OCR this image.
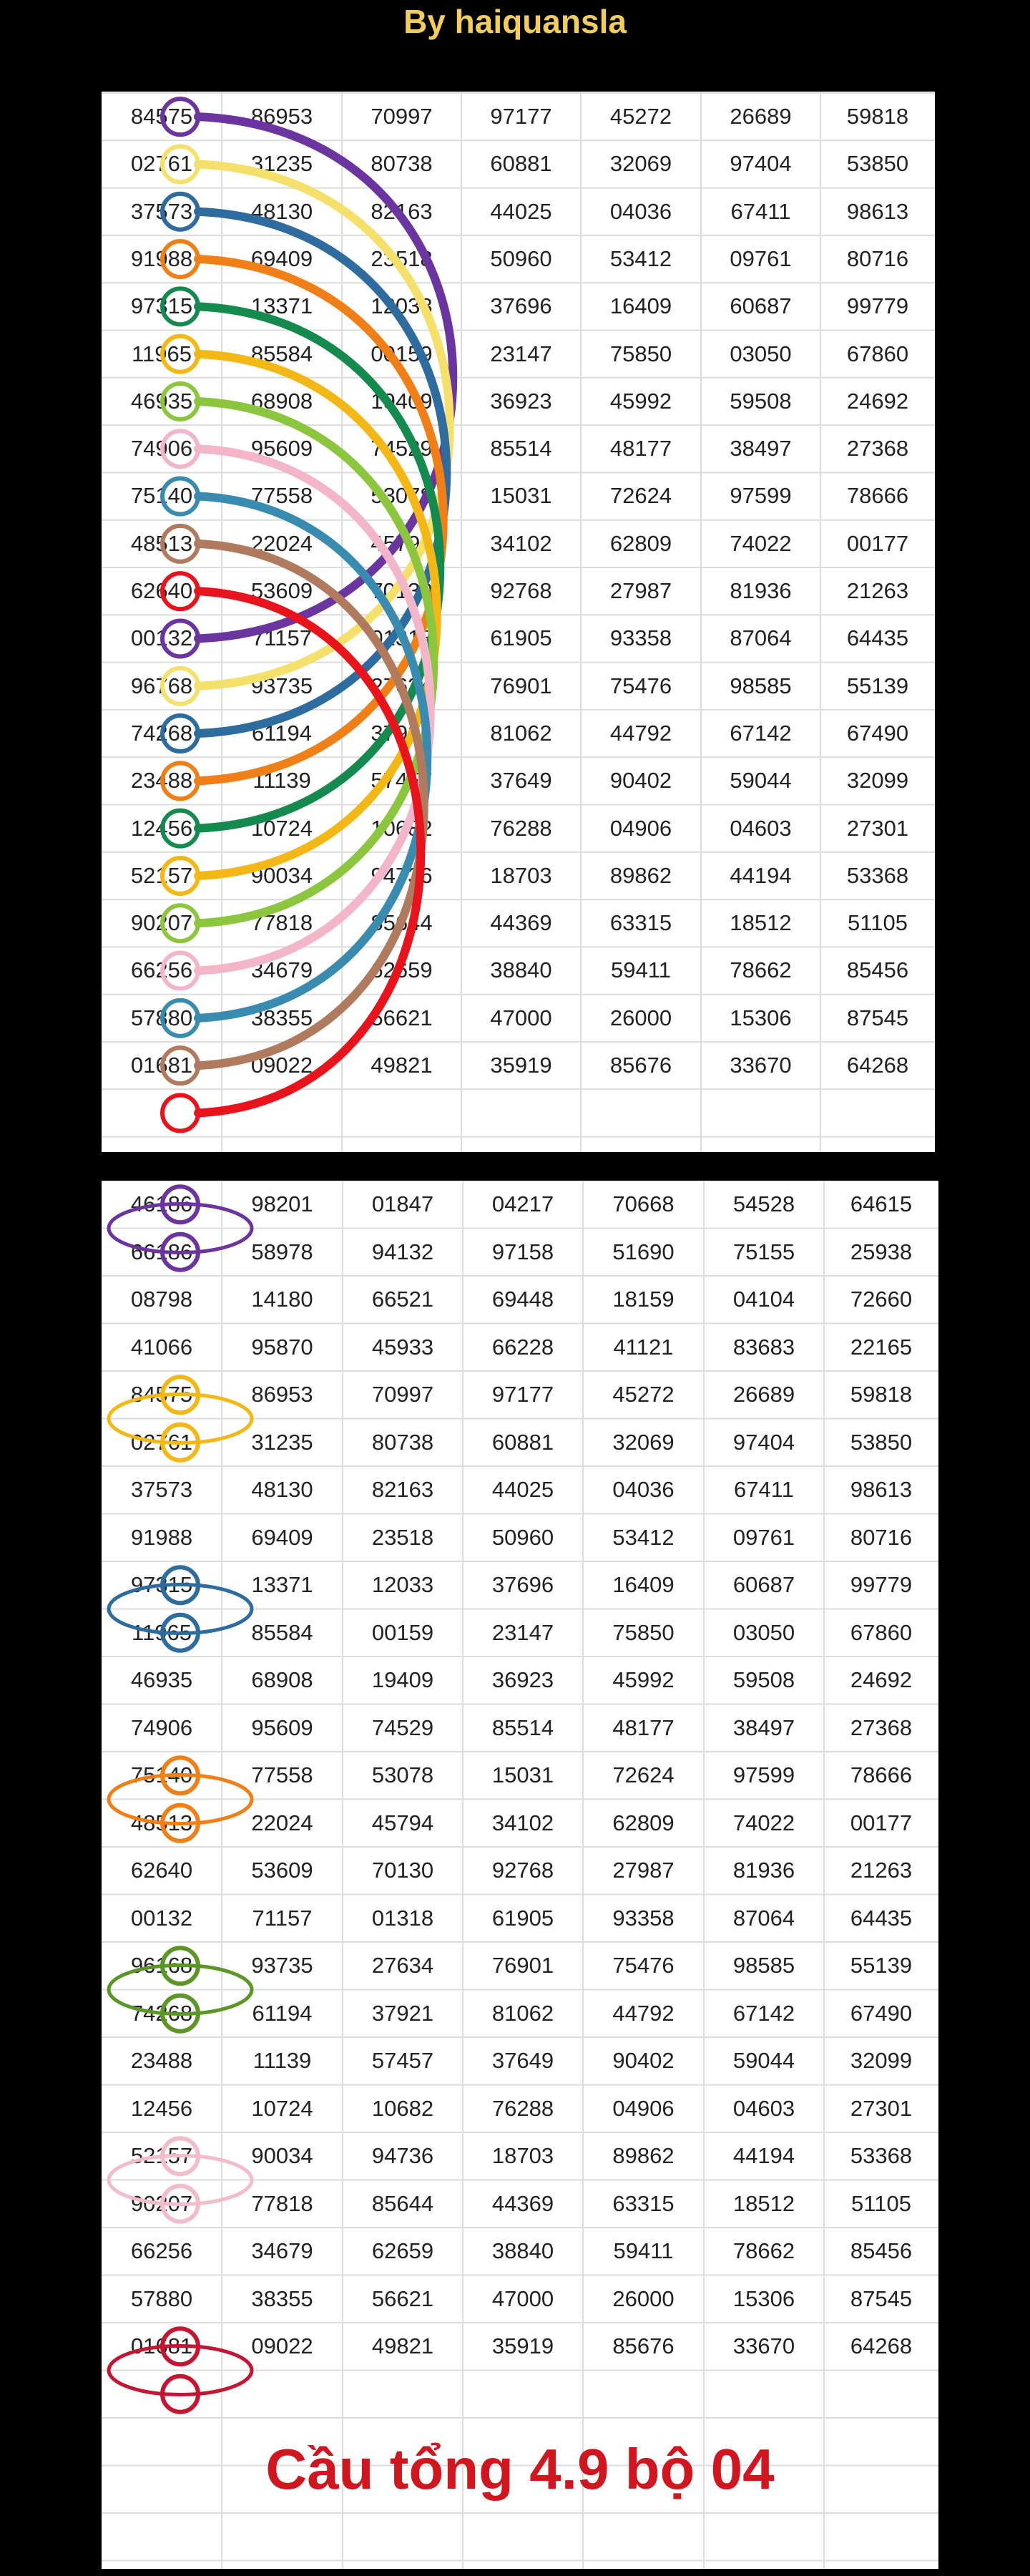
By haiquansla
84575	86953	70997	97177	45272	26689	59818
02761	31235	80738	60881	32069	97404	53850
37573	48130	82163	44025	04036	67411	98613
91988	69409	23518	50960	53412	09761	80716
97315	13371	12033	37696	16409	60687	99779
11965	85584	00159	23147	75850	03050	67860
46935	68908	19409	36923	45992	59508	24692
74906	95609	74529	85514	48177	38497	27368
75140	77558	53078	15031	72624	97599	78666
48513	22024	45794	34102	62809	74022	00177
62640	53609	70130	92768	27987	81936	21263
00132	71157	01318	61905	93358	87064	64435
96768	93735	27634	76901	75476	98585	55139
74268	61194	37921	81062	44792	67142	67490
23488	11139	57457	37649	90402	59044	32099
12456	10724	10682	76288	04906	04603	27301
52157	90034	94736	18703	89862	44194	53368
90207	77818	85644	44369	63315	18512	51105
66256	34679	62659	38840	59411	78662	85456
57880	38355	56621	47000	26000	15306	87545
01681	09022	49821	35919	85676	33670	64268
46186	98201	01847	04217	70668	54528	64615
66186	58978	94132	97158	51690	75155	25938
08798	14180	66521	69448	18159	04104	72660
41066	95870	45933	66228	41121	83683	22165
84575	86953	70997	97177	45272	26689	59818
02761	31235	80738	60881	32069	97404	53850
37573	48130	82163	44025	04036	67411	98613
91988	69409	23518	50960	53412	09761	80716
97315	13371	12033	37696	16409	60687	99779
11965	85584	00159	23147	75850	03050	67860
46935	68908	19409	36923	45992	59508	24692
74906	95609	74529	85514	48177	38497	27368
75140	77558	53078	15031	72624	97599	78666
48513	22024	45794	34102	62809	74022	00177
62640	53609	70130	92768	27987	81936	21263
00132	71157	01318	61905	93358	87064	64435
96168	93735	27634	76901	75476	98585	55139
74268	61194	37921	81062	44792	67142	67490
23488	11139	57457	37649	90402	59044	32099
12456	10724	10682	76288	04906	04603	27301
52157	90034	94736	18703	89862	44194	53368
90207	77818	85644	44369	63315	18512	51105
66256	34679	62659	38840	59411	78662	85456
57880	38355	56621	47000	26000	15306	87545
01681	09022	49821	35919	85676	33670	64268
Cầu tổng 4.9 bộ 04
